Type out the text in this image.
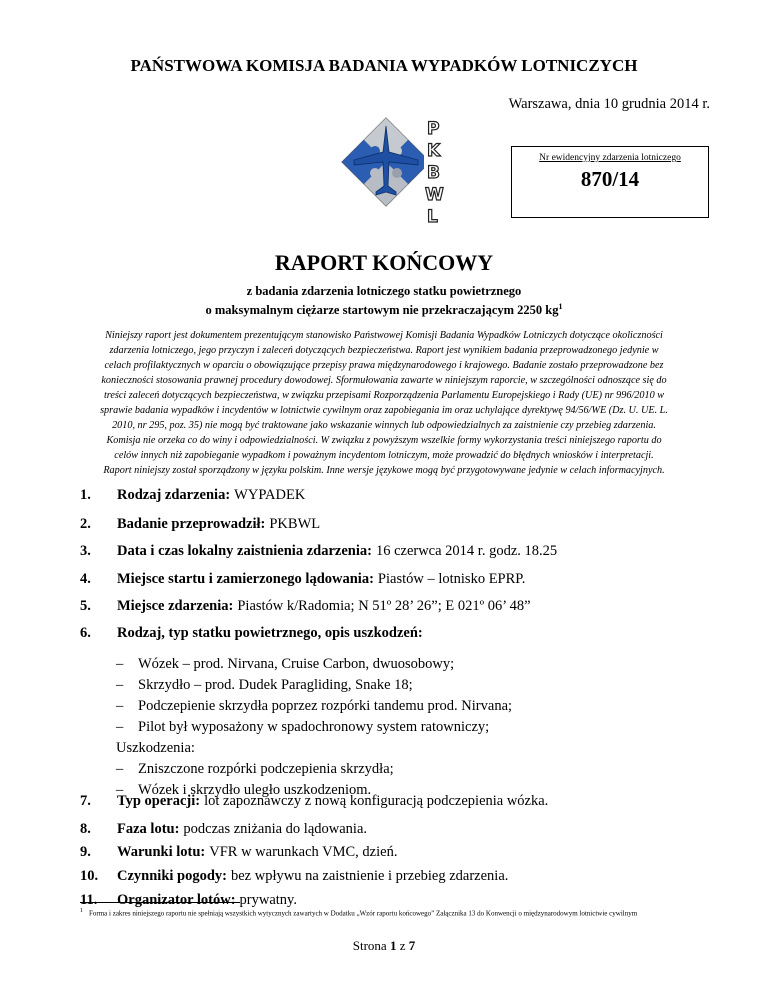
PAŃSTWOWA KOMISJA BADANIA WYPADKÓW LOTNICZYCH
Warszawa, dnia 10 grudnia 2014 r.
P
K
B
W
L
Nr ewidencyjny zdarzenia lotniczego
870/14
RAPORT KOŃCOWY
z badania zdarzenia lotniczego statku powietrznego
o maksymalnym ciężarze startowym nie przekraczającym 2250 $kg^1$
Niniejszy raport jest dokumentem prezentującym stanowisko Państwowej Komisji Badania Wypadków Lotniczych dotyczące okoliczności
zdarzenia lotniczego, jego przyczyn i zaleceń dotyczących bezpieczeństwa. Raport jest wynikiem badania przeprowadzonego jedynie w
celach profilaktycznych w oparciu o obowiązujące przepisy prawa międzynarodowego i krajowego. Badanie zostało przeprowadzone bez
konieczności stosowania prawnej procedury dowodowej. Sformułowania zawarte w niniejszym raporcie, w szczególności odnoszące się do
treści zaleceń dotyczących bezpieczeństwa, w związku przepisami Rozporządzenia Parlamentu Europejskiego i Rady (UE) nr 996/2010 w
sprawie badania wypadków i incydentów w lotnictwie cywilnym oraz zapobiegania im oraz uchylające dyrektywę 94/56/WE (Dz. U. UE. L.
2010, nr 295, poz. 35) nie mogą być traktowane jako wskazanie winnych lub odpowiedzialnych za zaistnienie czy przebieg zdarzenia.
Komisja nie orzeka co do winy i odpowiedzialności. W związku z powyższym wszelkie formy wykorzystania treści niniejszego raportu do
celów innych niż zapobieganie wypadkom i poważnym incydentom lotniczym, może prowadzić do błędnych wniosków i interpretacji.
Raport niniejszy został sporządzony w języku polskim. Inne wersje językowe mogą być przygotowywane jedynie w celach informacyjnych.
1.	Rodzaj zdarzenia: WYPADEK
2.	Badanie przeprowadził: PKBWL
3.	Data i czas lokalny zaistnienia zdarzenia: 16 czerwca 2014 r. godz. 18.25
4.	Miejsce startu i zamierzonego lądowania: Piastów – lotnisko EPRP.
5.	Miejsce zdarzenia: Piastów k/Radomia; N 51º 28’ 26”; E 021º 06’ 48”
6.	Rodzaj, typ statku powietrznego, opis uszkodzeń:
– Wózek – prod. Nirvana, Cruise Carbon, dwuosobowy;
– Skrzydło – prod. Dudek Paragliding, Snake 18;
– Podczepienie skrzydła poprzez rozpórki tandemu prod. Nirvana;
– Pilot był wyposażony w spadochronowy system ratowniczy;
Uszkodzenia:
– Zniszczone rozpórki podczepienia skrzydła;
– Wózek i skrzydło uległo uszkodzeniom.
7.	Typ operacji: lot zapoznawczy z nową konfiguracją podczepienia wózka.
8.	Faza lotu: podczas zniżania do lądowania.
9.	Warunki lotu: VFR w warunkach VMC, dzień.
10.	Czynniki pogody: bez wpływu na zaistnienie i przebieg zdarzenia.
11.	Organizator lotów: prywatny.
$^1$ Forma i zakres niniejszego raportu nie spełniają wszystkich wytycznych zawartych w Dodatku „Wzór raportu końcowego” Załącznika 13 do Konwencji o międzynarodowym lotnictwie cywilnym
Strona 1 z 7
